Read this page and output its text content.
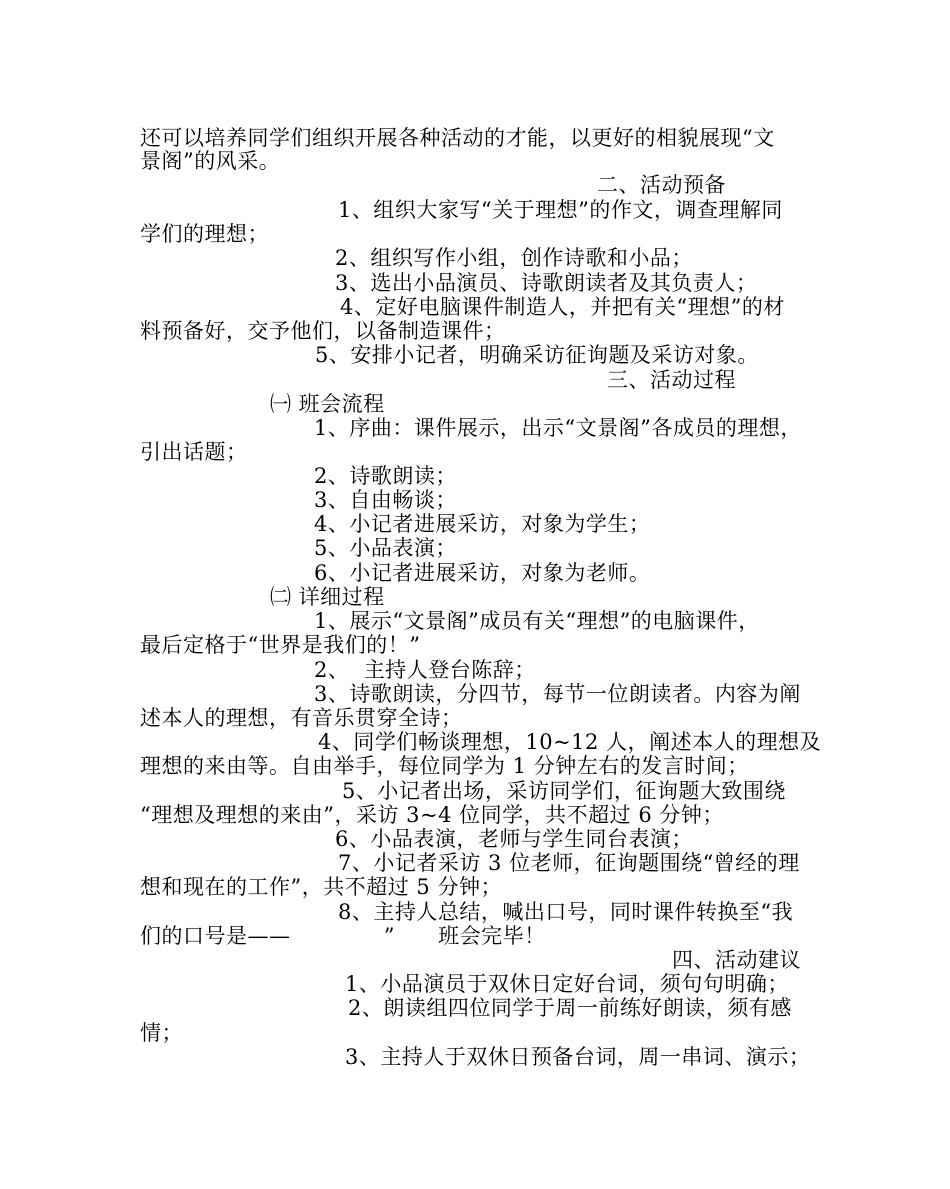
还可以培养同学们组织开展各种活动的才能，以更好的相貌展现“文
景阁”的风采。
二、活动预备
1、组织大家写“关于理想”的作文，调查理解同
学们的理想；
2、组织写作小组，创作诗歌和小品；
3、选出小品演员、诗歌朗读者及其负责人；
4、定好电脑课件制造人，并把有关“理想”的材
料预备好，交予他们，以备制造课件；
5、安排小记者，明确采访征询题及采访对象。
三、活动过程
㈠ 班会流程
1、序曲：课件展示，出示“文景阁”各成员的理想，
引出话题；
2、诗歌朗读；
3、自由畅谈；
4、小记者进展采访，对象为学生；
5、小品表演；
6、小记者进展采访，对象为老师。
㈡ 详细过程
1、展示“文景阁”成员有关“理想”的电脑课件，
最后定格于“世界是我们的！”
2、  主持人登台陈辞；
3、诗歌朗读，分四节，每节一位朗读者。内容为阐
述本人的理想，有音乐贯穿全诗；
4、同学们畅谈理想，10~12 人，阐述本人的理想及
理想的来由等。自由举手，每位同学为 1 分钟左右的发言时间；
5、小记者出场，采访同学们，征询题大致围绕
“理想及理想的来由”，采访 3~4 位同学，共不超过 6 分钟；
6、小品表演，老师与学生同台表演；
7、小记者采访 3 位老师，征询题围绕“曾经的理
想和现在的工作”，共不超过 5 分钟；
8、主持人总结，喊出口号，同时课件转换至“我
们的口号是——             ”      班会完毕！
四、活动建议
1、小品演员于双休日定好台词，须句句明确；
2、朗读组四位同学于周一前练好朗读，须有感
情；
3、主持人于双休日预备台词，周一串词、演示；
